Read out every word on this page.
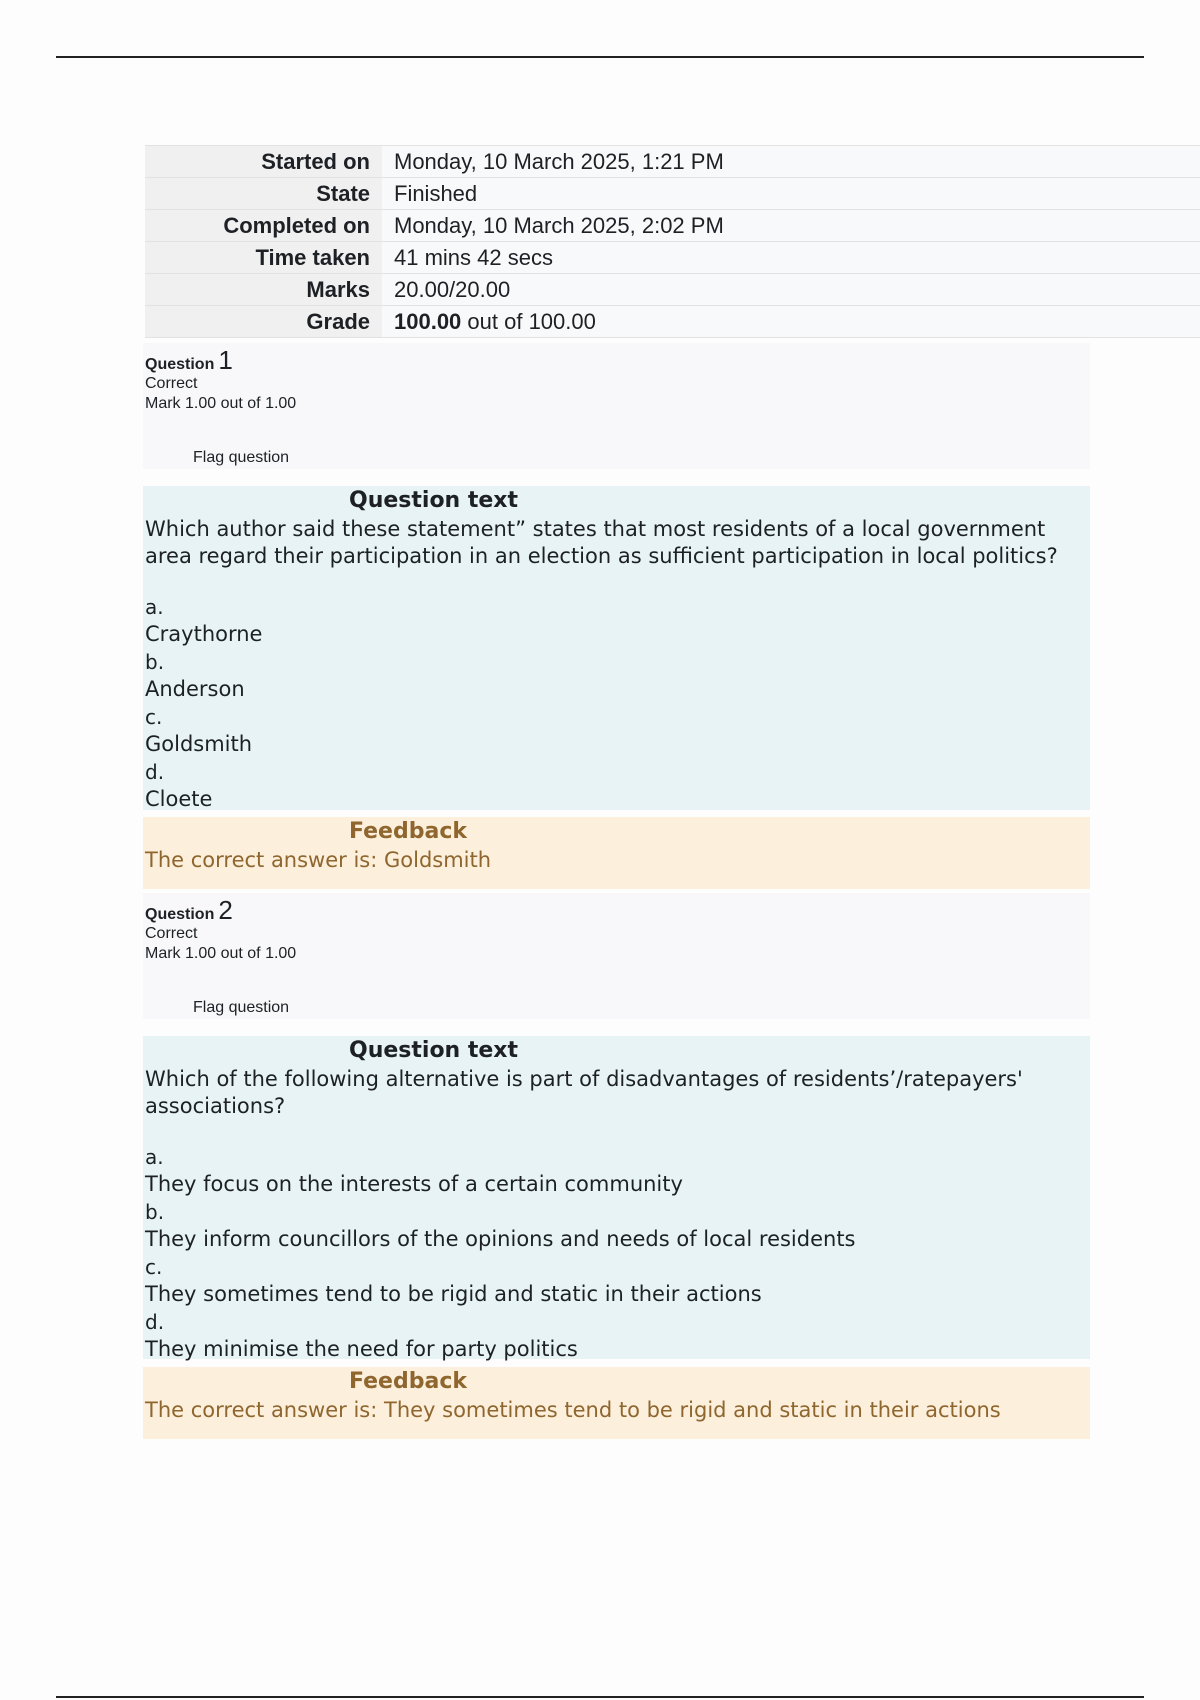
Started on	Monday, 10 March 2025, 1:21 PM
State	Finished
Completed on	Monday, 10 March 2025, 2:02 PM
Time taken	41 mins 42 secs
Marks	20.00/20.00
Grade	100.00 out of 100.00
Question 1
Correct
Mark 1.00 out of 1.00
Flag question
Question text
Which author said these statement” states that most residents of a local government area regard their participation in an election as sufficient participation in local politics?
a.
Craythorne
b.
Anderson
c.
Goldsmith
d.
Cloete
Feedback
The correct answer is: Goldsmith
Question 2
Correct
Mark 1.00 out of 1.00
Flag question
Question text
Which of the following alternative is part of disadvantages of residents’/ratepayers' associations?
a.
They focus on the interests of a certain community
b.
They inform councillors of the opinions and needs of local residents
c.
They sometimes tend to be rigid and static in their actions
d.
They minimise the need for party politics
Feedback
The correct answer is: They sometimes tend to be rigid and static in their actions
